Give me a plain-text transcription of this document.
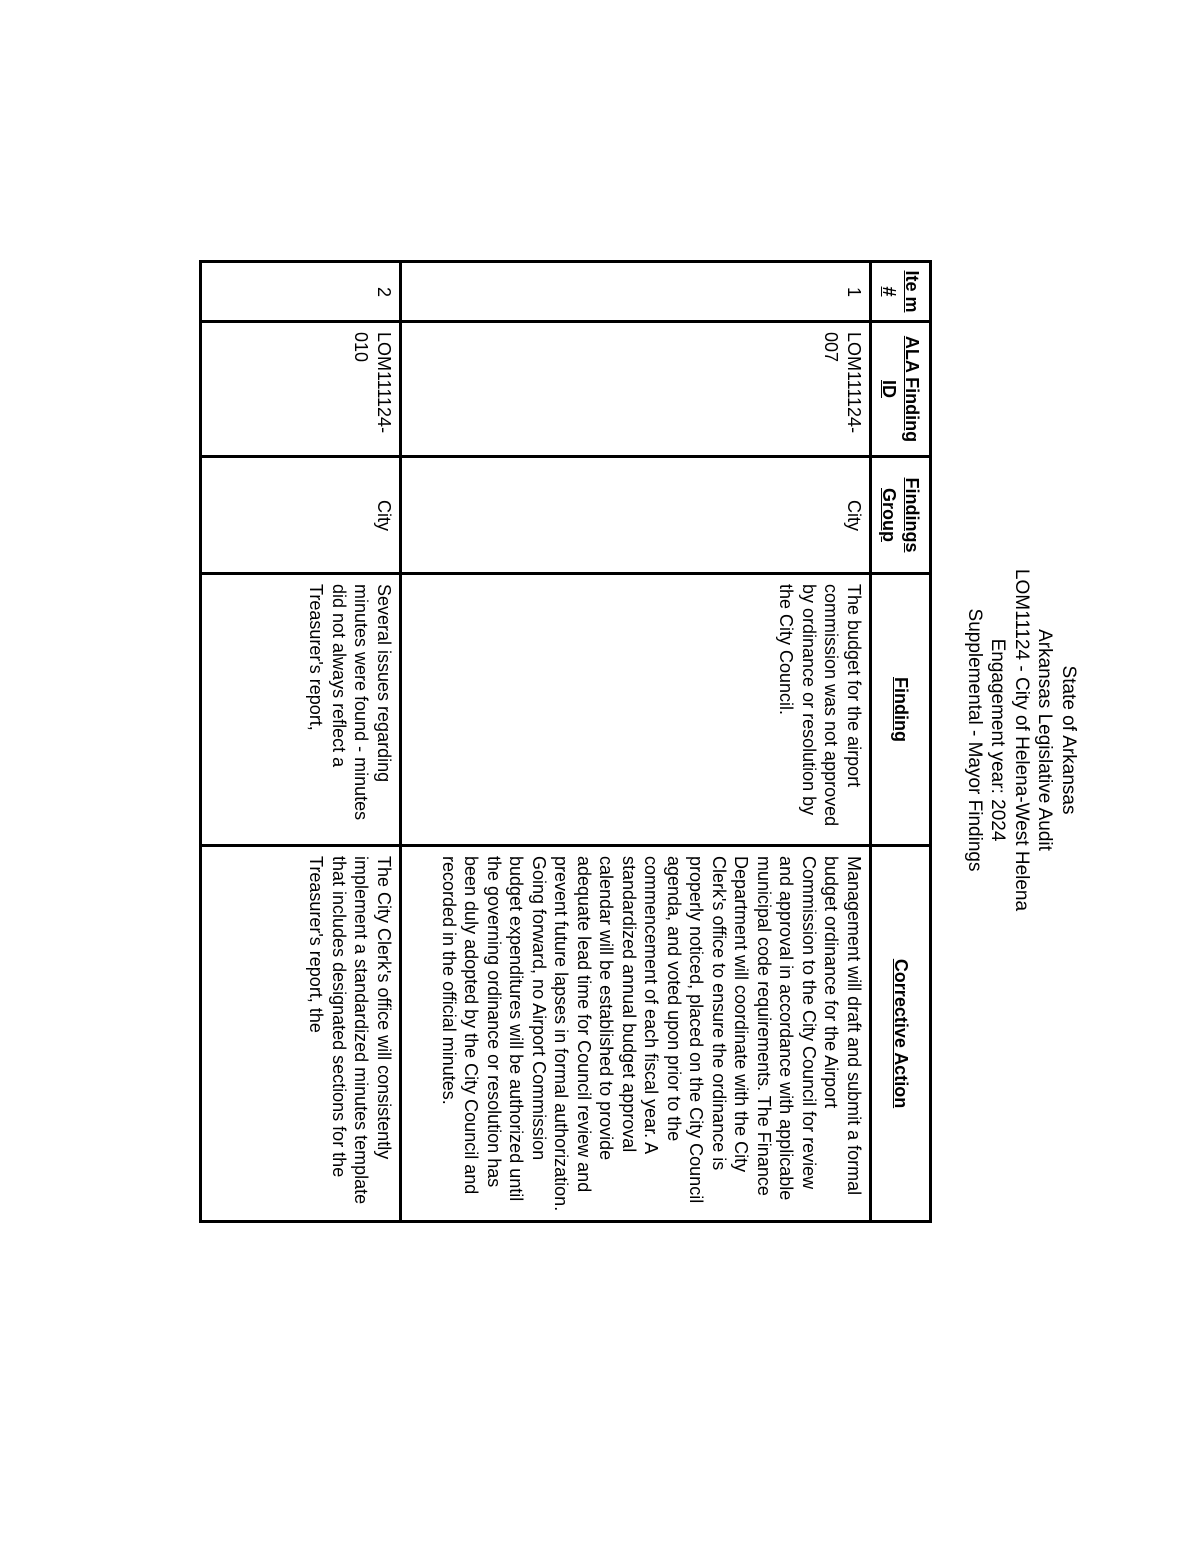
State of Arkansas
Arkansas Legislative Audit
LOM11124 - City of Helena-West Helena
Engagement year: 2024
Supplemental - Mayor Findings
Ite m #	ALA Finding ID	Findings Group	Finding	Corrective Action
1	LOM111124-007	City	The budget for the airport commission was not approved by ordinance or resolution by the City Council.	Management will draft and submit a formal budget ordinance for the Airport Commission to the City Council for review and approval in accordance with applicable municipal code requirements. The Finance Department will coordinate with the City Clerk's office to ensure the ordinance is properly noticed, placed on the City Council agenda, and voted upon prior to the commencement of each fiscal year. A standardized annual budget approval calendar will be established to provide adequate lead time for Council review and prevent future lapses in formal authorization. Going forward, no Airport Commission budget expenditures will be authorized until the governing ordinance or resolution has been duly adopted by the City Council and recorded in the official minutes.
2	LOM111124-010	City	Several issues regarding minutes were found - minutes did not always reflect a Treasurer's report,	The City Clerk's office will consistently implement a standardized minutes template that includes designated sections for the Treasurer's report, the
